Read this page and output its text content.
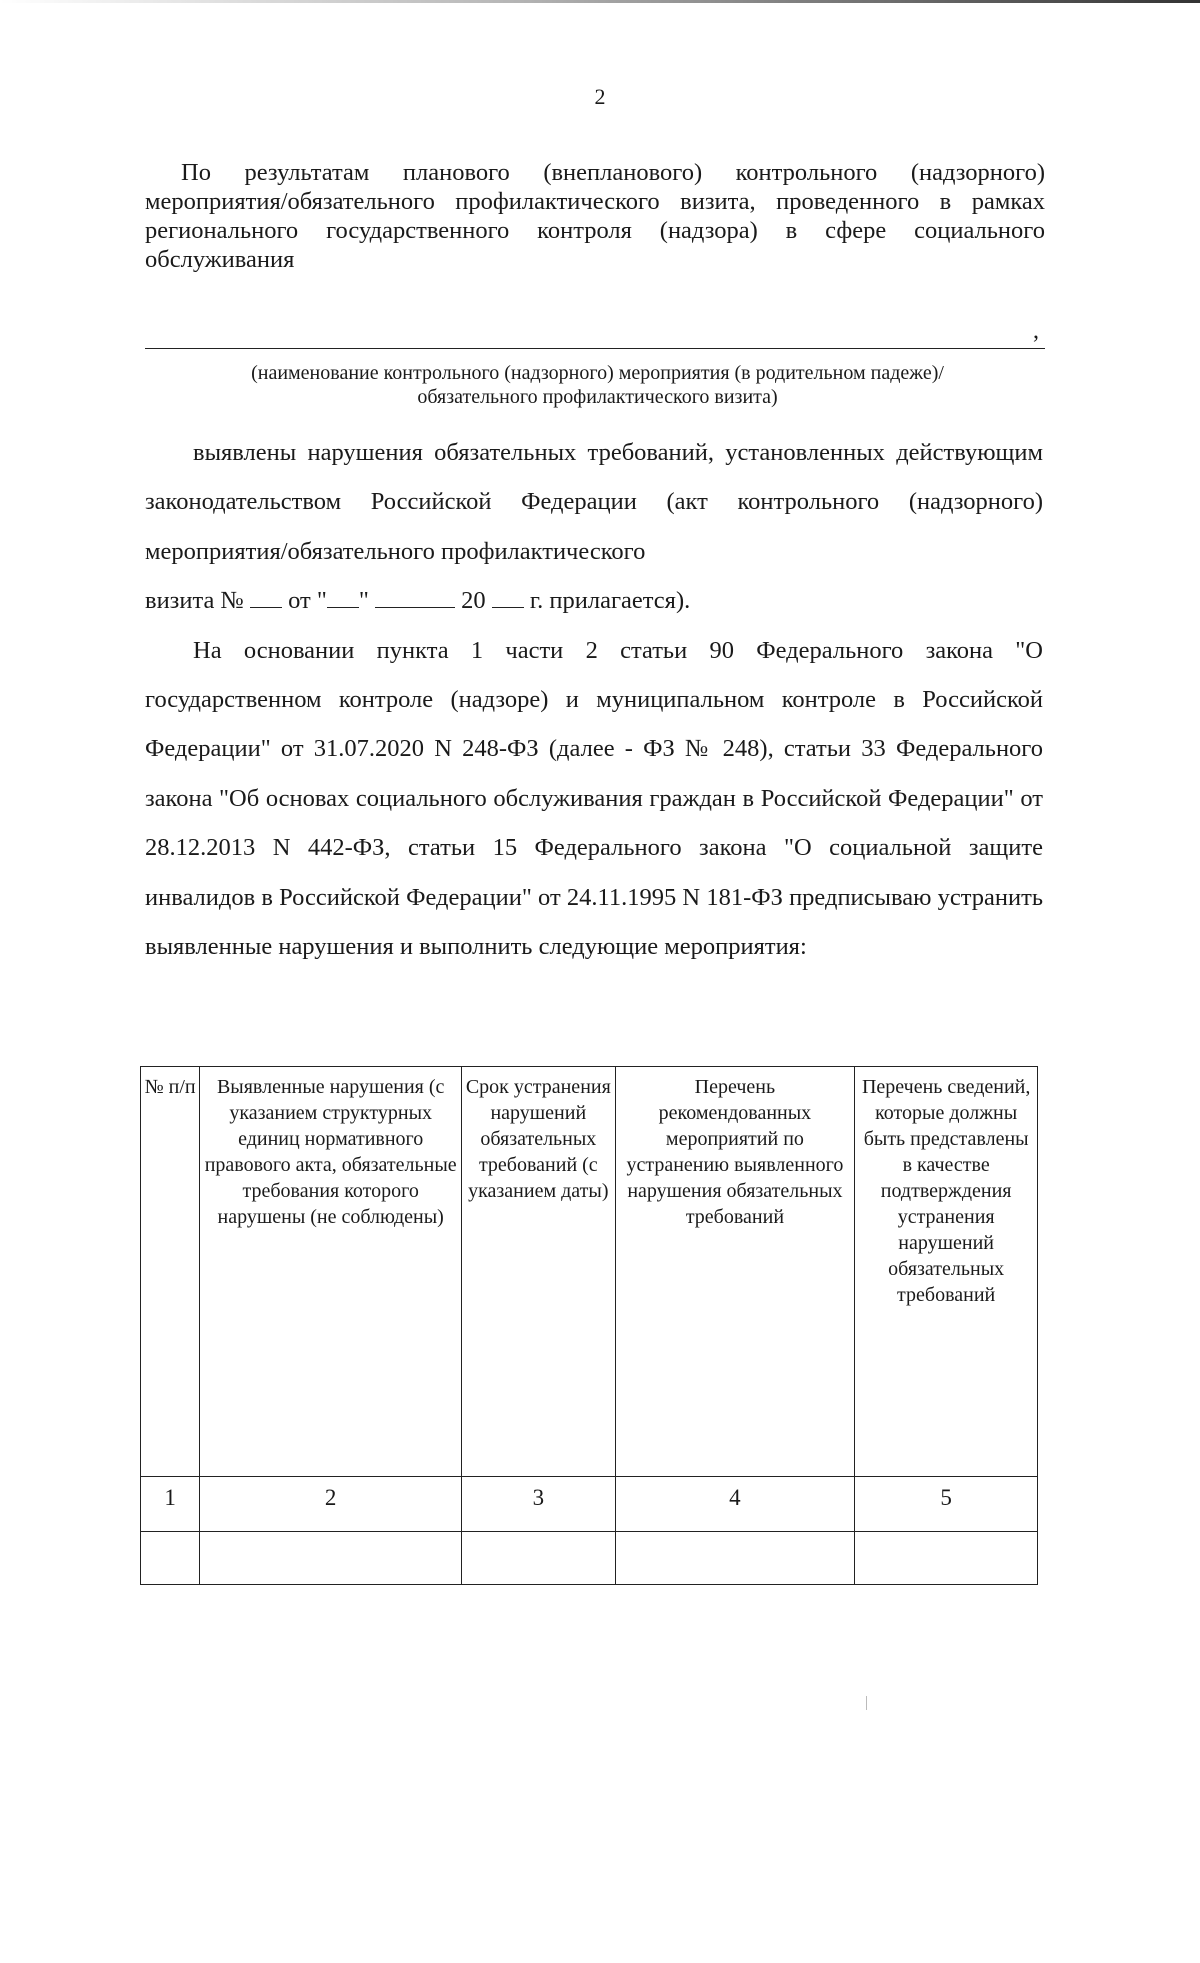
2
По результатам планового (внепланового) контрольного (надзорного) мероприятия/обязательного профилактического визита, проведенного в рамках регионального государственного контроля (надзора) в сфере социального обслуживания
,
(наименование контрольного (надзорного) мероприятия (в родительном падеже)/обязательного профилактического визита)

выявлены нарушения обязательных требований, установленных действующим законодательством Российской Федерации (акт контрольного (надзорного) мероприятия/обязательного профилактического

визита № от " "	20 г. прилагается).

На основании пункта 1 части 2 статьи 90 Федерального закона "О государственном контроле (надзоре) и муниципальном контроле в Российской Федерации" от 31.07.2020 N 248-ФЗ (далее - ФЗ № 248), статьи 33 Федерального закона "Об основах социального обслуживания граждан в Российской Федерации" от 28.12.2013 N 442-ФЗ, статьи 15 Федерального закона "О социальной защите инвалидов в Российской Федерации" от 24.11.1995 N 181-ФЗ предписываю устранить выявленные нарушения и выполнить следующие мероприятия:

№ п/п	Выявленные нарушения (с указанием структурных единиц нормативного правового акта, обязательные требования которого нарушены (не соблюдены)	Срок устранения нарушений обязательных требований (с указанием даты)	Перечень рекомендованных мероприятий по устранению выявленного нарушения обязательных требований	Перечень сведений, которые должны быть представлены в качестве подтверждения устранения нарушений обязательных требований
1	2	3	4	5
